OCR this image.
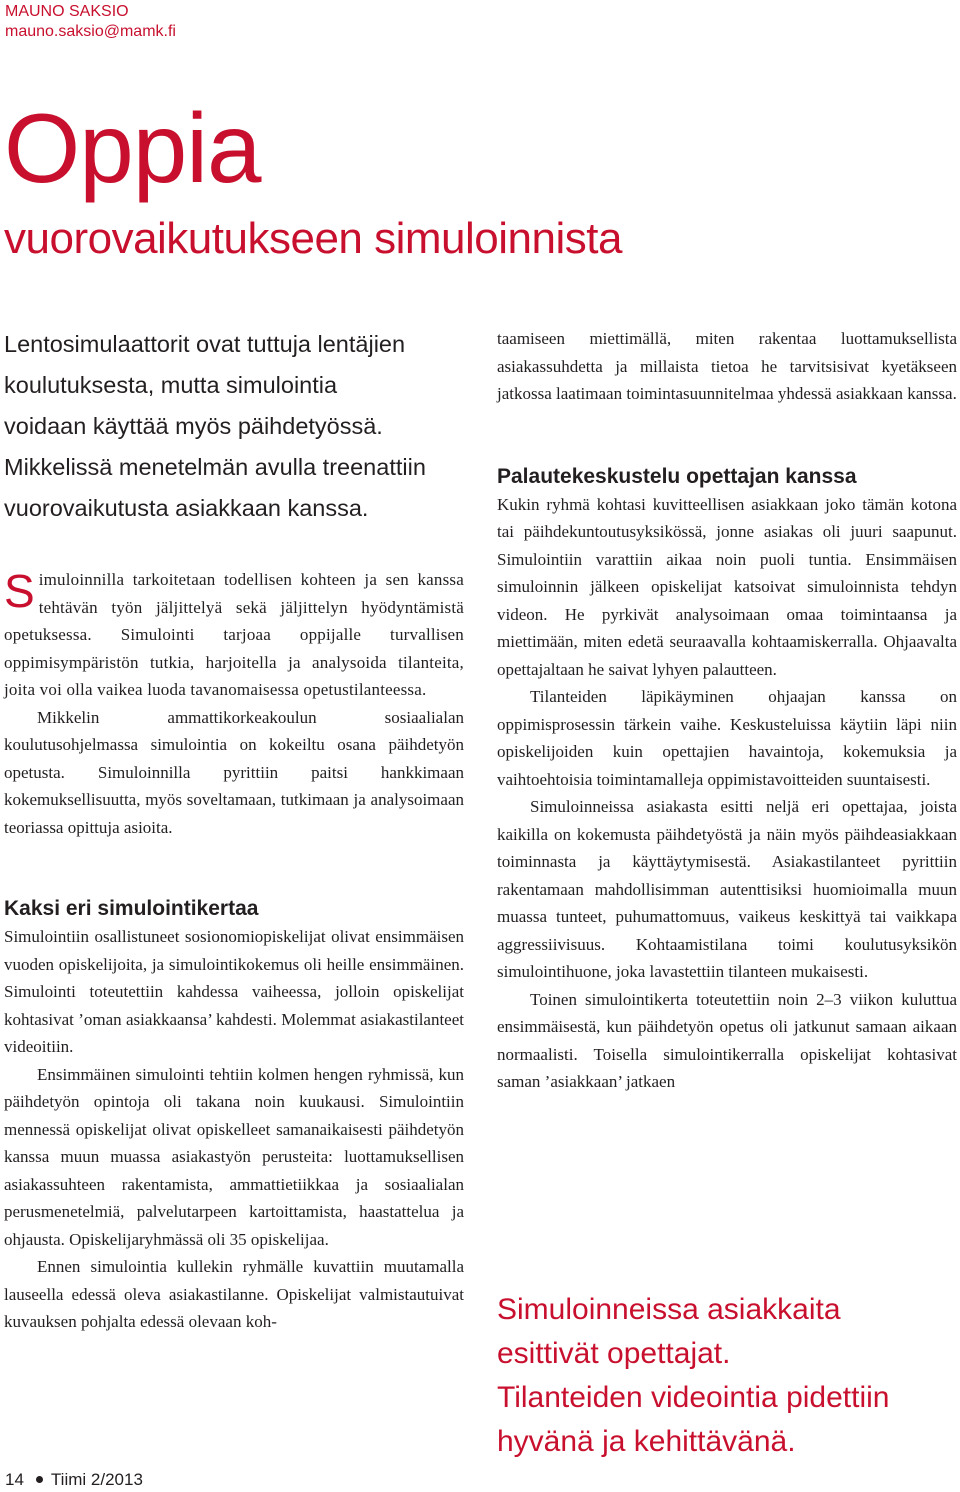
MAUNO SAKSIO
mauno.saksio@mamk.fi
Oppia
vuorovaikutukseen simuloinnista
Lentosimulaattorit ovat tuttuja lentäjien
koulutuksesta, mutta simulointia
voidaan käyttää myös päihdetyössä.
Mikkelissä menetelmän avulla treenattiin
vuorovaikutusta asiakkaan kanssa.
S imuloinnilla tarkoitetaan todellisen kohteen ja sen kanssa tehtävän työn jäljittelyä sekä jäljittelyn hyödyntämistä opetuksessa. Simulointi tarjoaa oppijalle turvallisen oppimisympäristön tutkia, harjoitella ja analysoida tilanteita, joita voi olla vaikea luoda tavanomaisessa opetustilanteessa.

Mikkelin ammattikorkeakoulun sosiaalialan koulutusohjelmassa simulointia on kokeiltu osana päihdetyön opetusta. Simuloinnilla pyrittiin paitsi hankkimaan kokemuksellisuutta, myös soveltamaan, tutkimaan ja analysoimaan teoriassa opittuja asioita.

Kaksi eri simulointikertaa

Simulointiin osallistuneet sosionomiopiskelijat olivat ensimmäisen vuoden opiskelijoita, ja simulointikokemus oli heille ensimmäinen. Simulointi toteutettiin kahdessa vaiheessa, jolloin opiskelijat kohtasivat ’oman asiakkaansa’ kahdesti. Molemmat asiakastilanteet videoitiin.

Ensimmäinen simulointi tehtiin kolmen hengen ryhmissä, kun päihdetyön opintoja oli takana noin kuukausi. Simulointiin mennessä opiskelijat olivat opiskelleet samanaikaisesti päihdetyön kanssa muun muassa asiakastyön perusteita: luottamuksellisen asiakassuhteen rakentamista, ammattietiikkaa ja sosiaalialan perusmenetelmiä, palvelutarpeen kartoittamista, haastattelua ja ohjausta. Opiskelijaryhmässä oli 35 opiskelijaa.

Ennen simulointia kullekin ryhmälle kuvattiin muutamalla lauseella edessä oleva asiakastilanne. Opiskelijat valmistautuivat kuvauksen pohjalta edessä olevaan koh-

taamiseen miettimällä, miten rakentaa luottamuksellista asiakassuhdetta ja millaista tietoa he tarvitsisivat kyetäkseen jatkossa laatimaan toimintasuunnitelmaa yhdessä asiakkaan kanssa.

Palautekeskustelu opettajan kanssa

Kukin ryhmä kohtasi kuvitteellisen asiakkaan joko tämän kotona tai päihdekuntoutusyksikössä, jonne asiakas oli juuri saapunut. Simulointiin varattiin aikaa noin puoli tuntia. Ensimmäisen simuloinnin jälkeen opiskelijat katsoivat simuloinnista tehdyn videon. He pyrkivät analysoimaan omaa toimintaansa ja miettimään, miten edetä seuraavalla kohtaamiskerralla. Ohjaavalta opettajaltaan he saivat lyhyen palautteen.

Tilanteiden läpikäyminen ohjaajan kanssa on oppimisprosessin tärkein vaihe. Keskusteluissa käytiin läpi niin opiskelijoiden kuin opettajien havaintoja, kokemuksia ja vaihtoehtoisia toimintamalleja oppimistavoitteiden suuntaisesti.

Simuloinneissa asiakasta esitti neljä eri opettajaa, joista kaikilla on kokemusta päihdetyöstä ja näin myös päihdeasiakkaan toiminnasta ja käyttäytymisestä. Asiakastilanteet pyrittiin rakentamaan mahdollisimman autenttisiksi huomioimalla muun muassa tunteet, puhumattomuus, vaikeus keskittyä tai vaikkapa aggressiivisuus. Kohtaamistilana toimi koulutusyksikön simulointihuone, joka lavastettiin tilanteen mukaisesti.

Toinen simulointikerta toteutettiin noin 2–3 viikon kuluttua ensimmäisestä, kun päihdetyön opetus oli jatkunut samaan aikaan normaalisti. Toisella simulointikerralla opiskelijat kohtasivat saman ’asiakkaan’ jatkaen

Simuloinneissa asiakkaita
esittivät opettajat.
Tilanteiden videointia pidettiin
hyvänä ja kehittävänä.
14 Tiimi 2/2013
